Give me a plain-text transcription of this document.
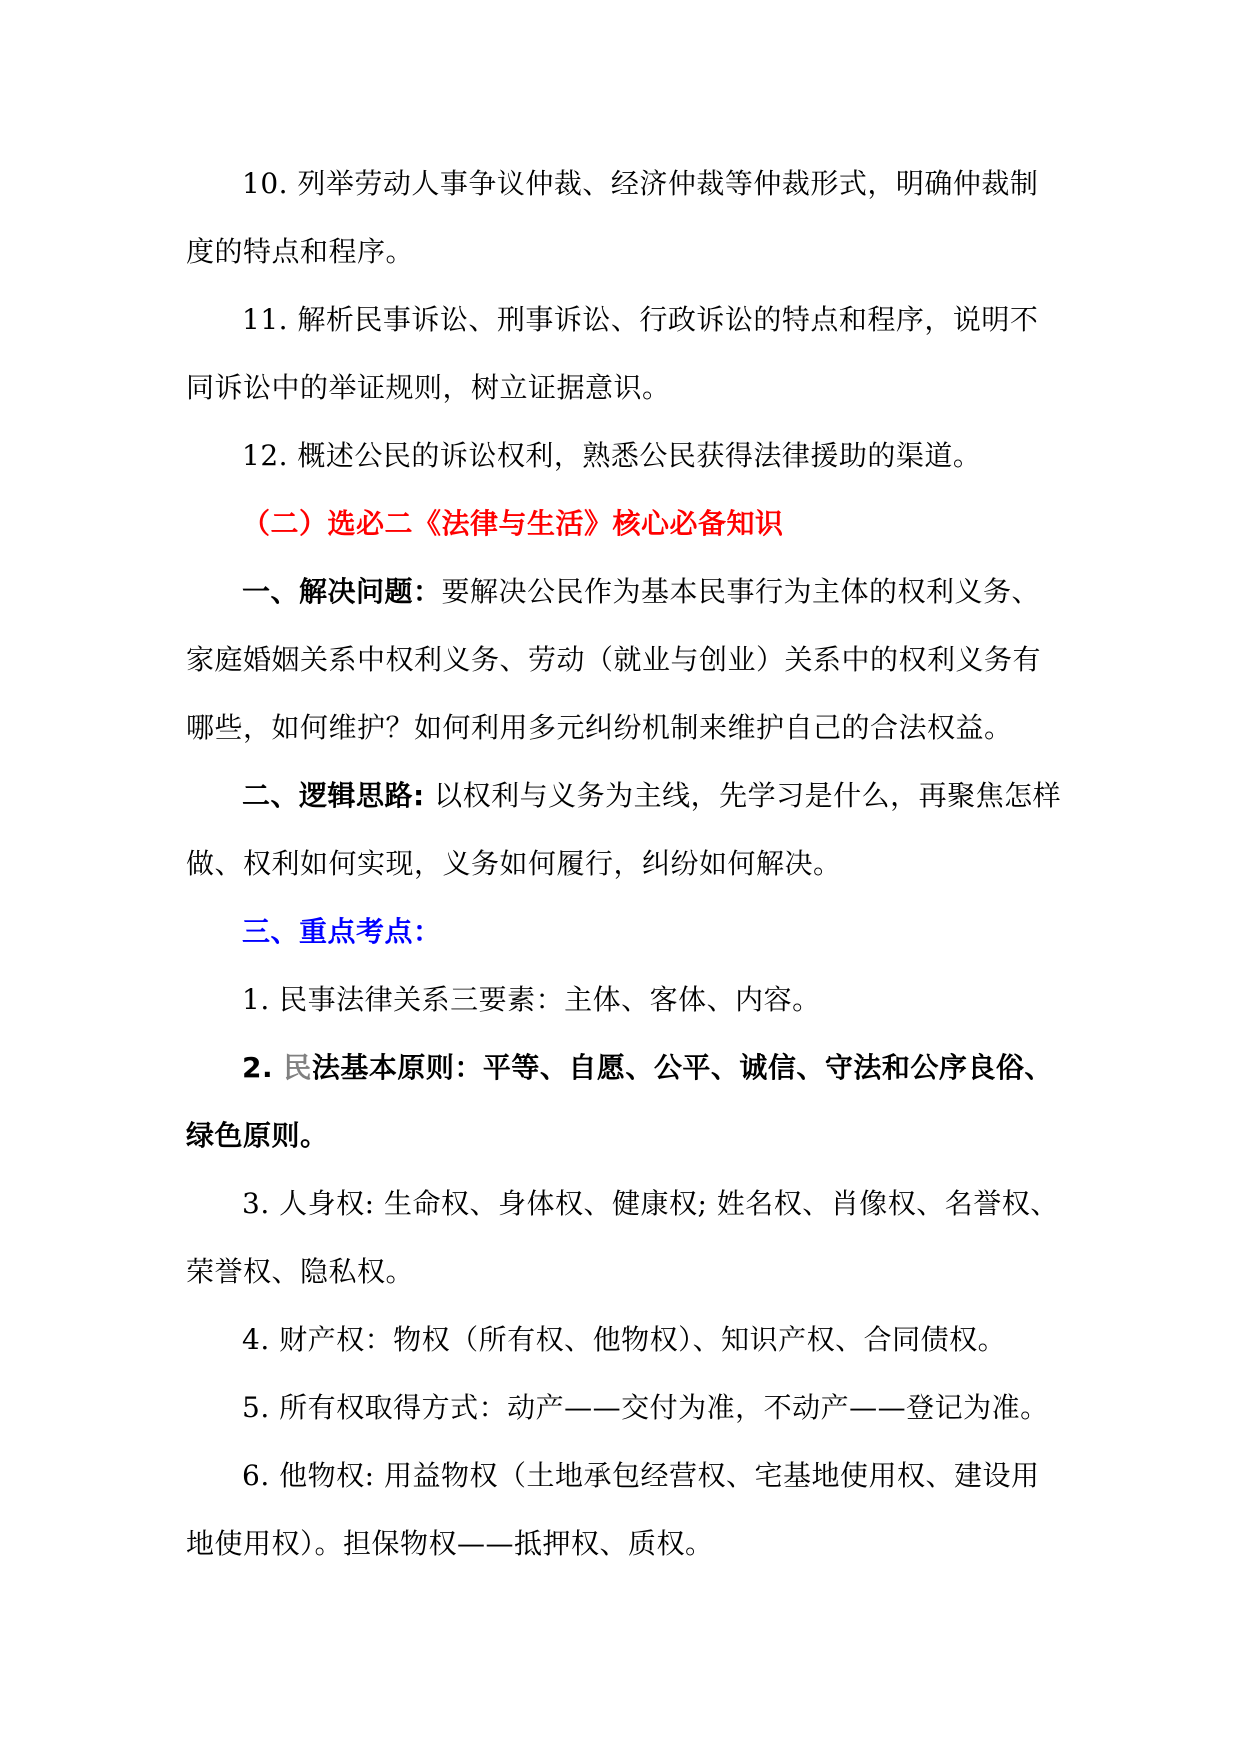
10. 列举劳动人事争议仲裁、经济仲裁等仲裁形式，明确仲裁制度的特点和程序。

11. 解析民事诉讼、刑事诉讼、行政诉讼的特点和程序，说明不同诉讼中的举证规则，树立证据意识。

12. 概述公民的诉讼权利，熟悉公民获得法律援助的渠道。

（二）选必二《法律与生活》核心必备知识

一、解决问题：要解决公民作为基本民事行为主体的权利义务、家庭婚姻关系中权利义务、劳动（就业与创业）关系中的权利义务有哪些，如何维护？如何利用多元纠纷机制来维护自己的合法权益。

二、逻辑思路: 以权利与义务为主线，先学习是什么，再聚焦怎样做、权利如何实现，义务如何履行，纠纷如何解决。

三、重点考点：

1. 民事法律关系三要素：主体、客体、内容。

2. 民法基本原则：平等、自愿、公平、诚信、守法和公序良俗、绿色原则。

3. 人身权: 生命权、身体权、健康权; 姓名权、肖像权、名誉权、荣誉权、隐私权。

4. 财产权：物权（所有权、他物权）、知识产权、合同债权。

5. 所有权取得方式：动产——交付为准，不动产——登记为准。

6. 他物权: 用益物权（土地承包经营权、宅基地使用权、建设用地使用权）。担保物权——抵押权、质权。
